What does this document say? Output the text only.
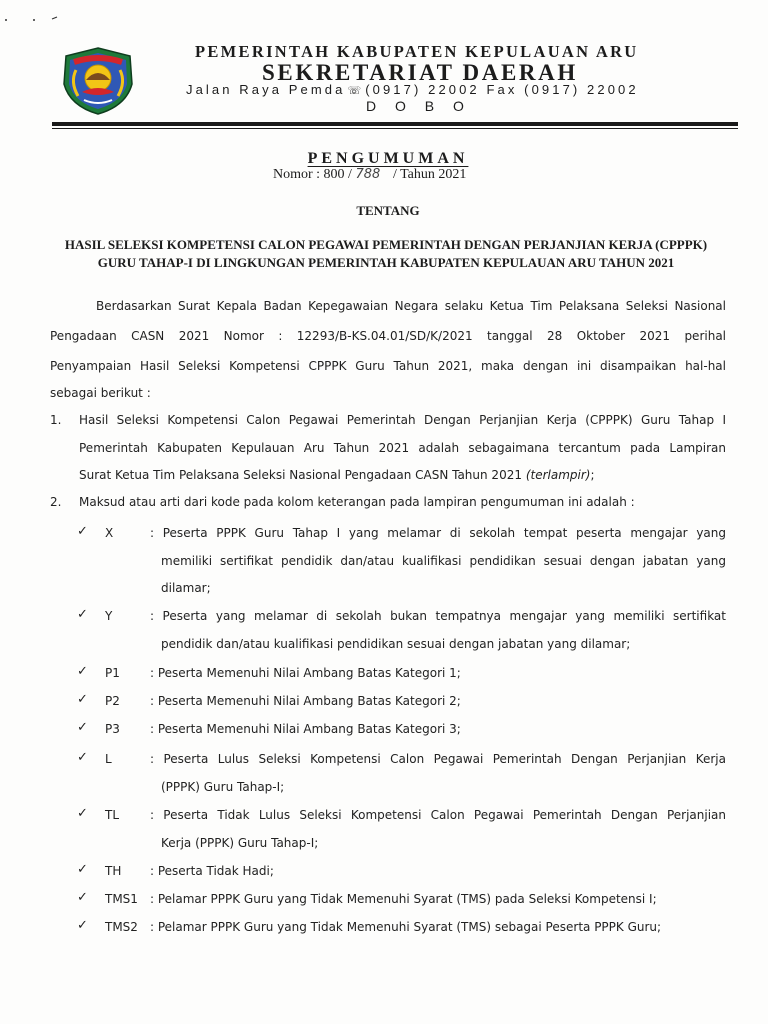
PEMERINTAH KABUPATEN KEPULAUAN ARU
SEKRETARIAT DAERAH
Jalan Raya Pemda ☏ (0917) 22002 Fax (0917) 22002
D O B O
PENGUMUMAN
Nomor : 800 / 788 / Tahun 2021
TENTANG
HASIL SELEKSI KOMPETENSI CALON PEGAWAI PEMERINTAH DENGAN PERJANJIAN KERJA (CPPPK)
GURU TAHAP-I DI LINGKUNGAN PEMERINTAH KABUPATEN KEPULAUAN ARU TAHUN 2021
Berdasarkan Surat Kepala Badan Kepegawaian Negara selaku Ketua Tim Pelaksana Seleksi Nasional
Pengadaan CASN 2021 Nomor : 12293/B-KS.04.01/SD/K/2021 tanggal 28 Oktober 2021 perihal
Penyampaian Hasil Seleksi Kompetensi CPPPK Guru Tahun 2021, maka dengan ini disampaikan hal-hal
sebagai berikut :
1. Hasil Seleksi Kompetensi Calon Pegawai Pemerintah Dengan Perjanjian Kerja (CPPPK) Guru Tahap I
Pemerintah Kabupaten Kepulauan Aru Tahun 2021 adalah sebagaimana tercantum pada Lampiran
Surat Ketua Tim Pelaksana Seleksi Nasional Pengadaan CASN Tahun 2021 (terlampir);
2. Maksud atau arti dari kode pada kolom keterangan pada lampiran pengumuman ini adalah :
✓ X	: Peserta PPPK Guru Tahap I yang melamar di sekolah tempat peserta mengajar yang
memiliki sertifikat pendidik dan/atau kualifikasi pendidikan sesuai dengan jabatan yang
dilamar;
✓ Y	: Peserta yang melamar di sekolah bukan tempatnya mengajar yang memiliki sertifikat
pendidik dan/atau kualifikasi pendidikan sesuai dengan jabatan yang dilamar;
✓ P1	: Peserta Memenuhi Nilai Ambang Batas Kategori 1;
✓ P2	: Peserta Memenuhi Nilai Ambang Batas Kategori 2;
✓ P3	: Peserta Memenuhi Nilai Ambang Batas Kategori 3;
✓ L	: Peserta Lulus Seleksi Kompetensi Calon Pegawai Pemerintah Dengan Perjanjian Kerja
(PPPK) Guru Tahap-I;
✓ TL	: Peserta Tidak Lulus Seleksi Kompetensi Calon Pegawai Pemerintah Dengan Perjanjian
Kerja (PPPK) Guru Tahap-I;
✓ TH : Peserta Tidak Hadi;
✓ TMS1 : Pelamar PPPK Guru yang Tidak Memenuhi Syarat (TMS) pada Seleksi Kompetensi I;
✓ TMS2 : Pelamar PPPK Guru yang Tidak Memenuhi Syarat (TMS) sebagai Peserta PPPK Guru;
